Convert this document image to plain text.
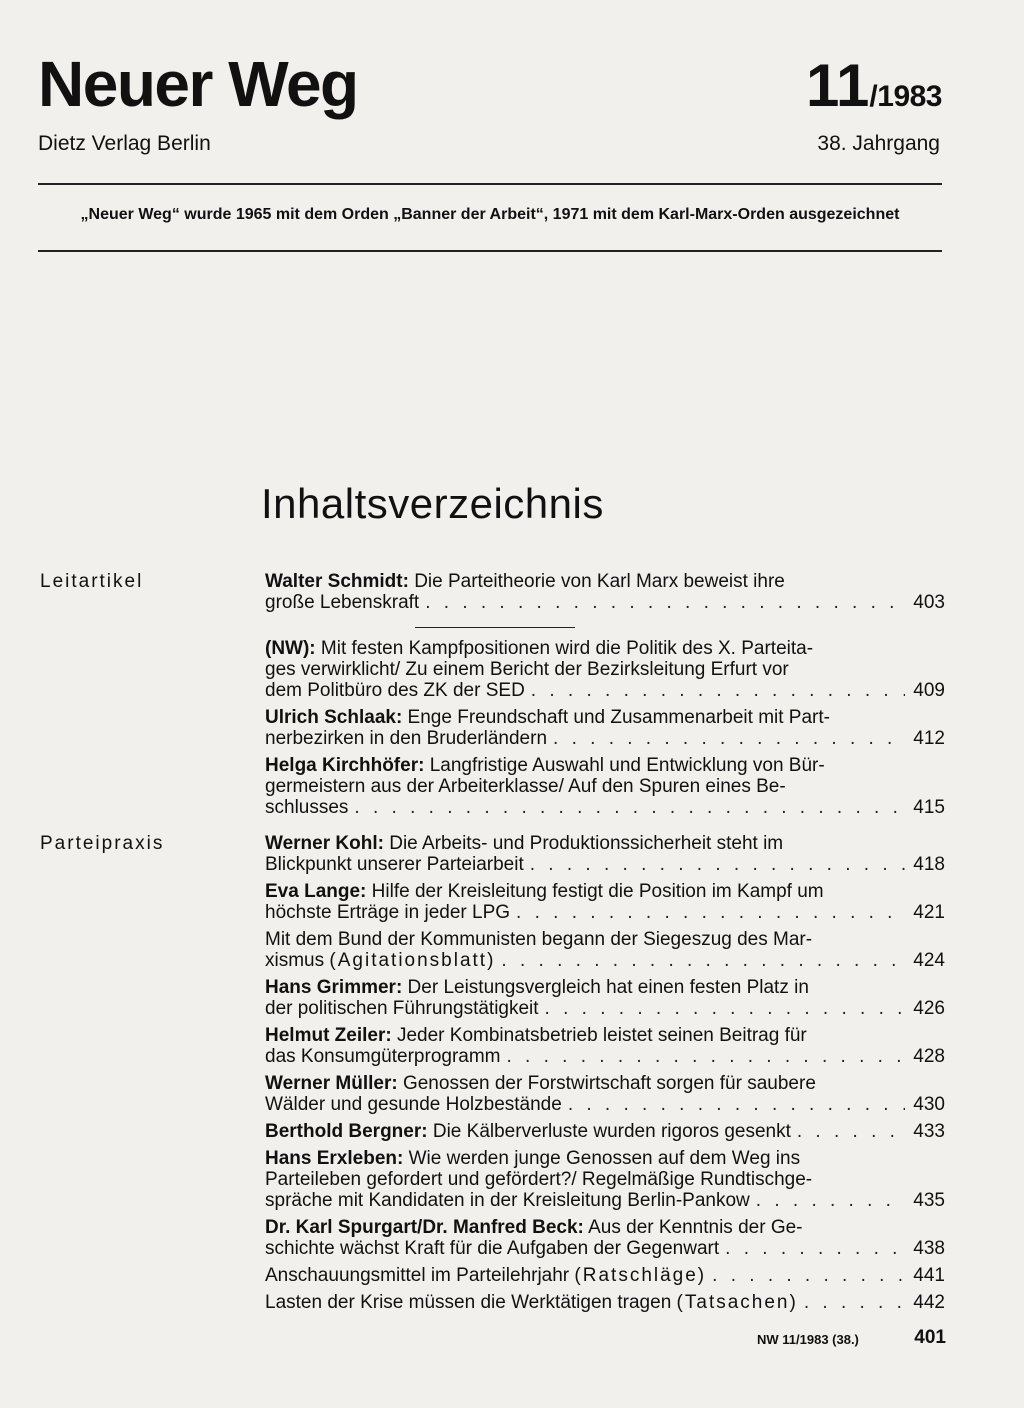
Neuer Weg
Dietz Verlag Berlin
11/1983
38. Jahrgang
„Neuer Weg“ wurde 1965 mit dem Orden „Banner der Arbeit“, 1971 mit dem Karl-Marx-Orden ausgezeichnet
Inhaltsverzeichnis
Leitartikel	Walter Schmidt: Die Parteitheorie von Karl Marx beweist ihre
große Lebenskraft . . .	403
(NW): Mit festen Kampfpositionen wird die Politik des X. Parteita-
ges verwirklicht/ Zu einem Bericht der Bezirksleitung Erfurt vor
dem Politbüro des ZK der SED . . .	409
Ulrich Schlaak: Enge Freundschaft und Zusammenarbeit mit Part-
nerbezirken in den Bruderländern . . .	412
Helga Kirchhöfer: Langfristige Auswahl und Entwicklung von Bür-
germeistern aus der Arbeiterklasse/ Auf den Spuren eines Be-
schlusses . . .	415
Parteipraxis	Werner Kohl: Die Arbeits- und Produktionssicherheit steht im
Blickpunkt unserer Parteiarbeit . . .	418
Eva Lange: Hilfe der Kreisleitung festigt die Position im Kampf um
höchste Erträge in jeder LPG . . .	421
Mit dem Bund der Kommunisten begann der Siegeszug des Mar-
xismus (Agitationsblatt) . . .	424
Hans Grimmer: Der Leistungsvergleich hat einen festen Platz in
der politischen Führungstätigkeit . . .	426
Helmut Zeiler: Jeder Kombinatsbetrieb leistet seinen Beitrag für
das Konsumgüterprogramm . . .	428
Werner Müller: Genossen der Forstwirtschaft sorgen für saubere
Wälder und gesunde Holzbestände . . .	430
Berthold Bergner: Die Kälberverluste wurden rigoros gesenkt . . .	433
Hans Erxleben: Wie werden junge Genossen auf dem Weg ins
Parteileben gefordert und gefördert?/ Regelmäßige Rundtischge-
spräche mit Kandidaten in der Kreisleitung Berlin-Pankow . . .	435
Dr. Karl Spurgart/Dr. Manfred Beck: Aus der Kenntnis der Ge-
schichte wächst Kraft für die Aufgaben der Gegenwart . . .	438
Anschauungsmittel im Parteilehrjahr (Ratschläge) . . .	441
Lasten der Krise müssen die Werktätigen tragen (Tatsachen) . . .	442
NW 11/1983 (38.)	401
